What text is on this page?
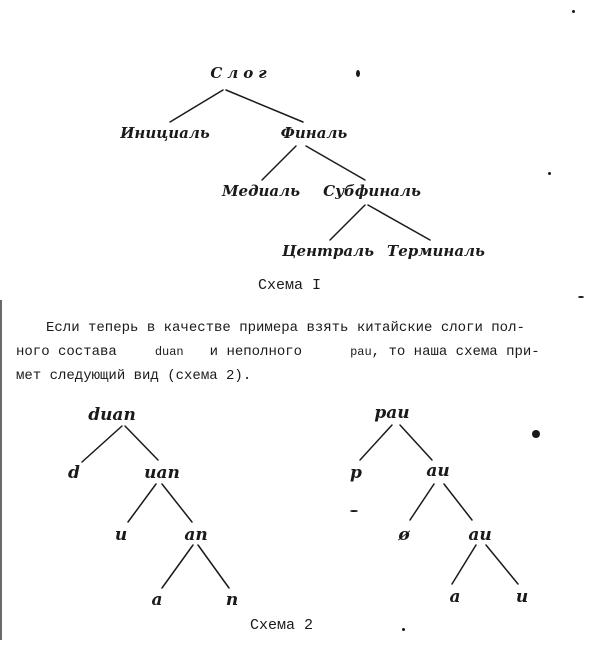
Слог
Инициаль	Финаль
Медиаль Субфиналь
Централь Терминаль
duan
d	uan
u	an
a	n
pau
p	au
ø	au
a	u
Схема I
Если теперь в качестве примера взять китайские слоги пол-
ного состава	duan и неполного	pau, то наша схема при-
мет следующий вид (схема 2).
Схема 2
